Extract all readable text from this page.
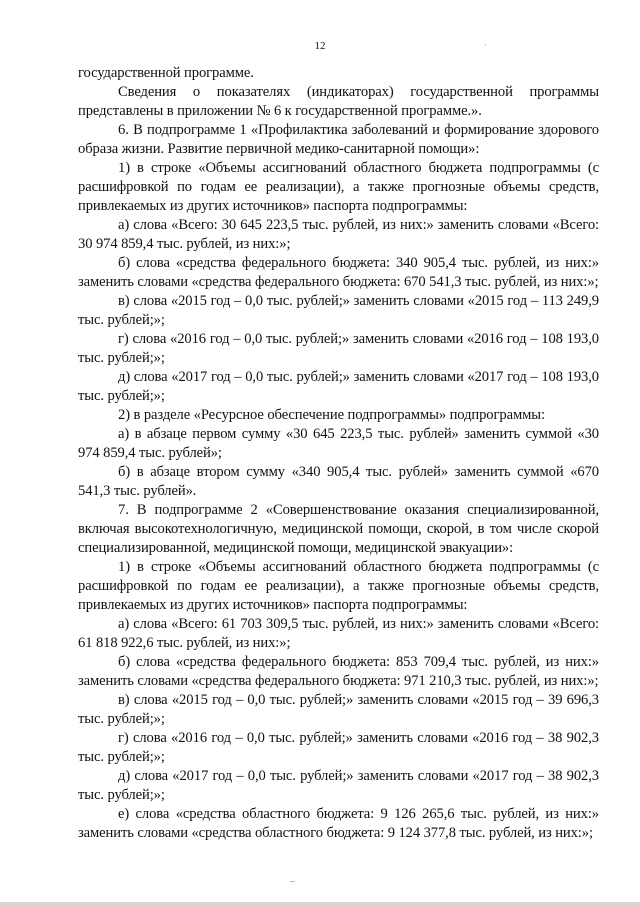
12	·

государственной программе.

Сведения о показателях (индикаторах) государственной программы представлены в приложении № 6 к государственной программе.».

6. В подпрограмме 1 «Профилактика заболеваний и формирование здорового образа жизни. Развитие первичной медико-санитарной помощи»:

1) в строке «Объемы ассигнований областного бюджета подпрограммы (с расшифровкой по годам ее реализации), а также прогнозные объемы средств, привлекаемых из других источников» паспорта подпрограммы:

а) слова «Всего: 30 645 223,5 тыс. рублей, из них:» заменить словами «Всего: 30 974 859,4 тыс. рублей, из них:»;

б) слова «средства федерального бюджета: 340 905,4 тыс. рублей, из них:» заменить словами «средства федерального бюджета: 670 541,3 тыс. рублей, из них:»;

в) слова «2015 год – 0,0 тыс. рублей;» заменить словами «2015 год – 113 249,9 тыс. рублей;»;

г) слова «2016 год – 0,0 тыс. рублей;» заменить словами «2016 год – 108 193,0 тыс. рублей;»;

д) слова «2017 год – 0,0 тыс. рублей;» заменить словами «2017 год – 108 193,0 тыс. рублей;»;

2) в разделе «Ресурсное обеспечение подпрограммы» подпрограммы:

а) в абзаце первом сумму «30 645 223,5 тыс. рублей» заменить суммой «30 974 859,4 тыс. рублей»;

б) в абзаце втором сумму «340 905,4 тыс. рублей» заменить суммой «670 541,3 тыс. рублей».

7. В подпрограмме 2 «Совершенствование оказания специализированной, включая высокотехнологичную, медицинской помощи, скорой, в том числе скорой специализированной, медицинской помощи, медицинской эвакуации»:

1) в строке «Объемы ассигнований областного бюджета подпрограммы (с расшифровкой по годам ее реализации), а также прогнозные объемы средств, привлекаемых из других источников» паспорта подпрограммы:

а) слова «Всего: 61 703 309,5 тыс. рублей, из них:» заменить словами «Всего: 61 818 922,6 тыс. рублей, из них:»;

б) слова «средства федерального бюджета: 853 709,4 тыс. рублей, из них:» заменить словами «средства федерального бюджета: 971 210,3 тыс. рублей, из них:»;

в) слова «2015 год – 0,0 тыс. рублей;» заменить словами «2015 год – 39 696,3 тыс. рублей;»;

г) слова «2016 год – 0,0 тыс. рублей;» заменить словами «2016 год – 38 902,3 тыс. рублей;»;

д) слова «2017 год – 0,0 тыс. рублей;» заменить словами «2017 год – 38 902,3 тыс. рублей;»;

е) слова «средства областного бюджета: 9 126 265,6 тыс. рублей, из них:» заменить словами «средства областного бюджета: 9 124 377,8 тыс. рублей, из них:»;

–
